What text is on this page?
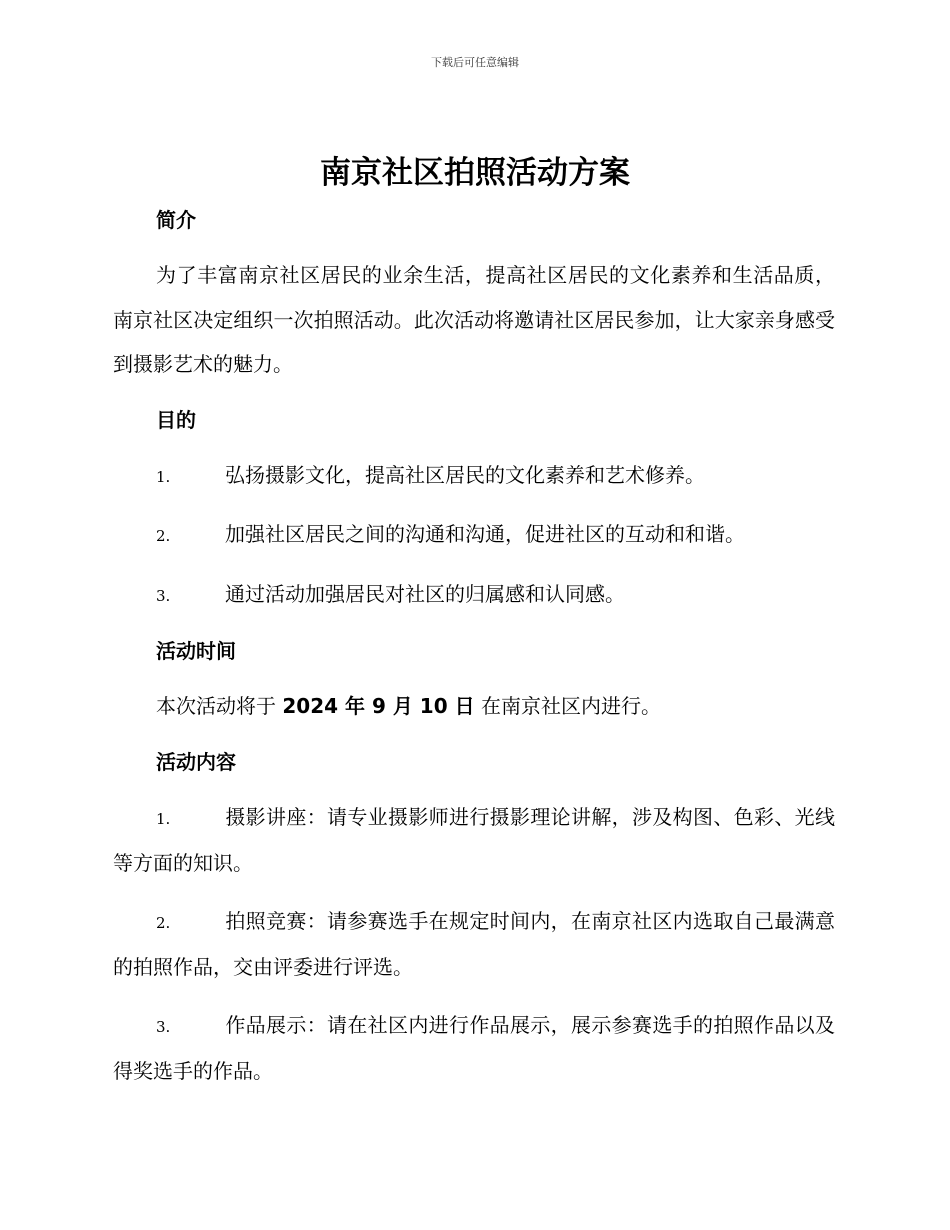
下载后可任意编辑
南京社区拍照活动方案
简介

为了丰富南京社区居民的业余生活，提高社区居民的文化素养和生活品质，南京社区决定组织一次拍照活动。此次活动将邀请社区居民参加，让大家亲身感受到摄影艺术的魅力。

目的

1.	弘扬摄影文化，提高社区居民的文化素养和艺术修养。

2.	加强社区居民之间的沟通和沟通，促进社区的互动和和谐。

3.	通过活动加强居民对社区的归属感和认同感。

活动时间

本次活动将于 2024 年 9 月 10 日 在南京社区内进行。

活动内容

1.	摄影讲座：请专业摄影师进行摄影理论讲解，涉及构图、色彩、光线等方面的知识。

2.	拍照竞赛：请参赛选手在规定时间内，在南京社区内选取自己最满意的拍照作品，交由评委进行评选。

3.	作品展示：请在社区内进行作品展示，展示参赛选手的拍照作品以及得奖选手的作品。
